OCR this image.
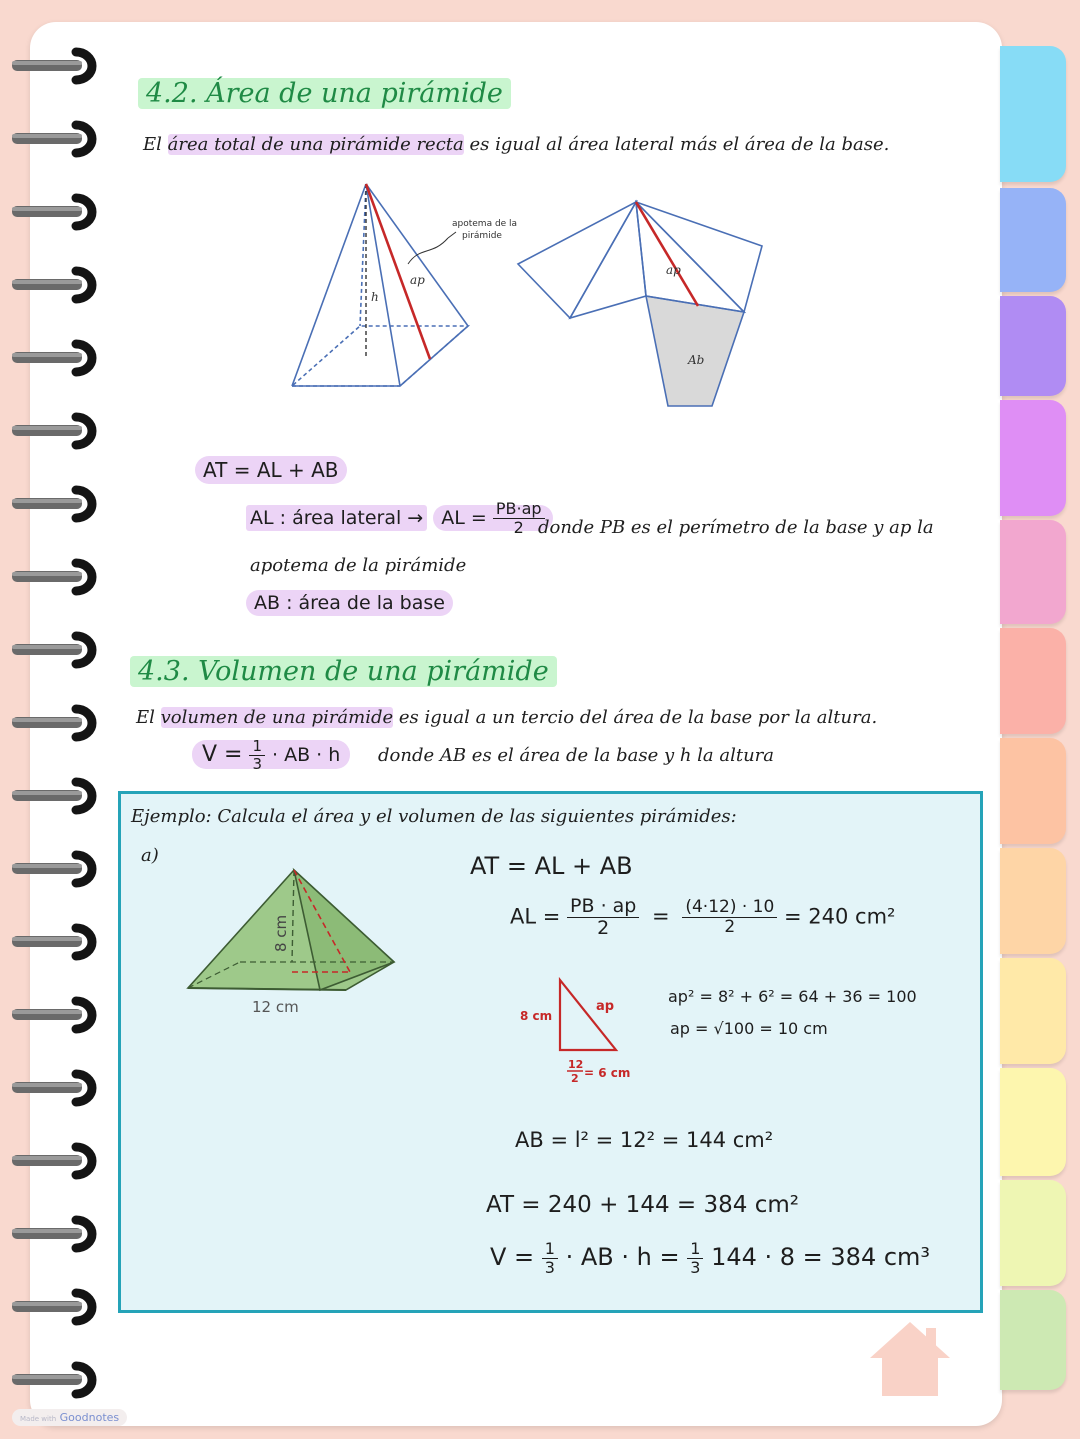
4.2. Área de una pirámide
El área total de una pirámide recta es igual al área lateral más el área de la base.
ap
h
apotema de la
pirámide
ap
Ab
AT = AL + AB
AL : área lateral → AL = $\frac{PB\cdot ap}{2}$
donde PB es el perímetro de la base y ap la
apotema de la pirámide
AB : área de la base
4.3. Volumen de una pirámide
El volumen de una pirámide es igual a un tercio del área de la base por la altura.
$V = \frac{1}{3}$ · AB · h	donde AB es el área de la base y h la altura
Ejemplo: Calcula el área y el volumen de las siguientes pirámides:
a)
8 cm
12 cm
AT = AL + AB
AL = $\frac{PB \cdot ap}{2} = \frac{(4\cdot 12) \cdot 10}{2} = 240$ cm²
8 cm
ap
12
2 = 6 cm
ap² = 8² + 6² = 64 + 36 = 100
ap = √100 = 10 cm
AB = l² = 12² = 144 cm²
AT = 240 + 144 = 384 cm²
$V = \frac{1}{3}$ · AB · $h = \frac{1}{3} 144 \cdot 8 = 384$ cm³
Made with Goodnotes
